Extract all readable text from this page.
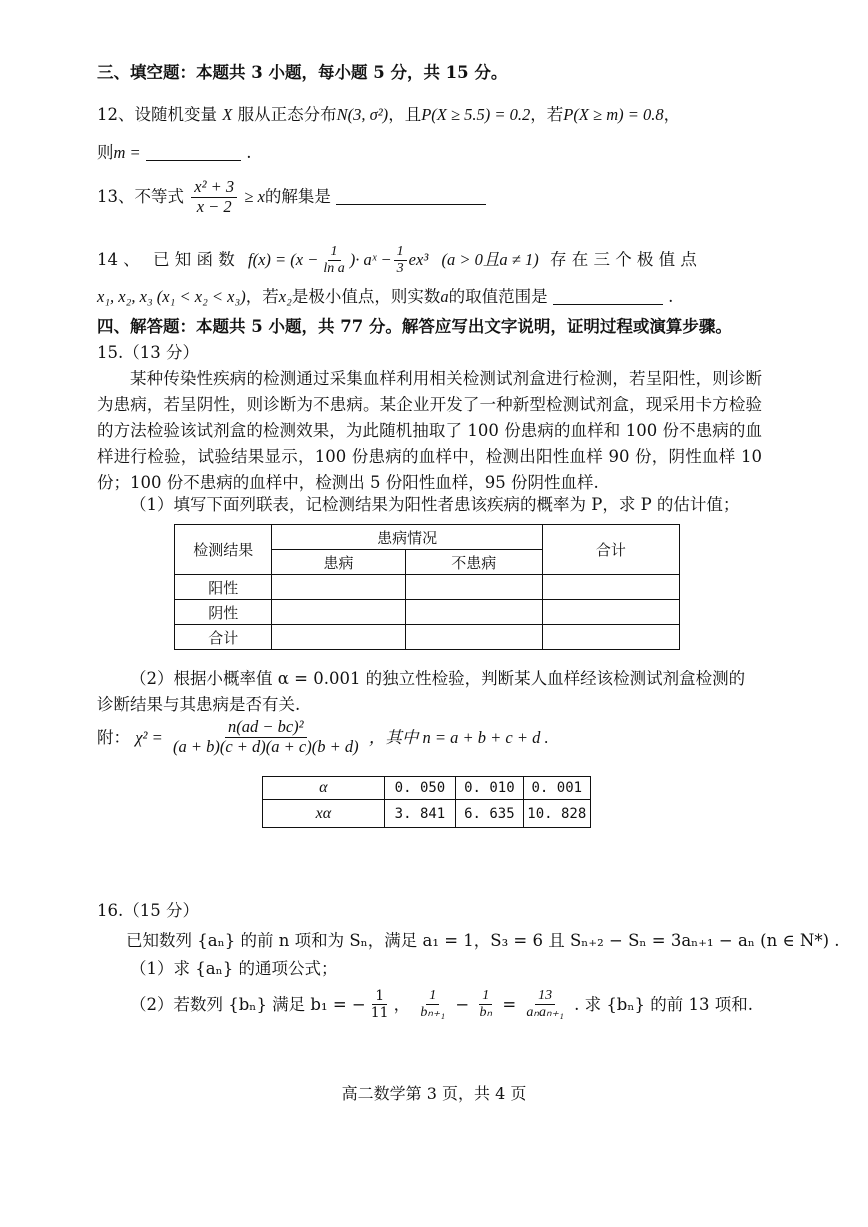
三、填空题：本题共 3 小题，每小题 5 分，共 15 分。
12、设随机变量 X 服从正态分布N(3, σ²)，且P(X ≥ 5.5) = 0.2，若P(X ≥ m) = 0.8，
则m =	.
13、不等式 $\frac{\text{x² + 3}}{x - 2} \ge x$的解集是
14 、 已 知 函 数 $f(x) = (x - \frac{1}{\text{ln a}}$ )· aˣ − $\frac{1}{3} ex^3$ (a > 0且a ≠ 1) 存 在 三 个 极 值 点
x₁, x₂, x₃ (x₁ < x₂ < x₃)，若x₂是极小值点，则实数a的取值范围是	.
四、解答题：本题共 5 小题，共 77 分。解答应写出文字说明，证明过程或演算步骤。
15.（13 分）
某种传染性疾病的检测通过采集血样利用相关检测试剂盒进行检测，若呈阳性，则诊断为患病，若呈阴性，则诊断为不患病。某企业开发了一种新型检测试剂盒，现采用卡方检验的方法检验该试剂盒的检测效果，为此随机抽取了 100 份患病的血样和 100 份不患病的血样进行检验，试验结果显示，100 份患病的血样中，检测出阳性血样 90 份，阴性血样 10 份；100 份不患病的血样中，检测出 5 份阳性血样，95 份阴性血样.
（1）填写下面列联表，记检测结果为阳性者患该疾病的概率为 P，求 P 的估计值；
检测结果	患病情况		合计
	患病	不患病	
阳性			
阴性			
合计			
（2）根据小概率值 α = 0.001 的独立性检验，判断某人血样经该检测试剂盒检测的
诊断结果与其患病是否有关.
附： $\chi^2 = \frac{\text{n(ad − bc)²}}{(a + b)(c + d)(a + c)(b + d)}$ ，其中 n = a + b + c + d .
α	0. 050	0. 010	0. 001
xα	3. 841	6. 635	10. 828
16.（15 分）
已知数列 {aₙ} 的前 n 项和为 Sₙ，满足 a₁ = 1，S₃ = 6 且 Sₙ₊₂ − Sₙ = 3aₙ₊₁ − aₙ (n ∈ N*) .
（1）求 {aₙ} 的通项公式；
（2）若数列 {bₙ} 满足 b₁ = − $\frac{1}{11}$ ， $\frac{1}{\text{bₙ₊₁}} - \frac{1}{\text{bₙ}} = \frac{13}{\text{aₙaₙ₊₁}}$ . 求 {bₙ} 的前 13 项和.
高二数学第 3 页，共 4 页
